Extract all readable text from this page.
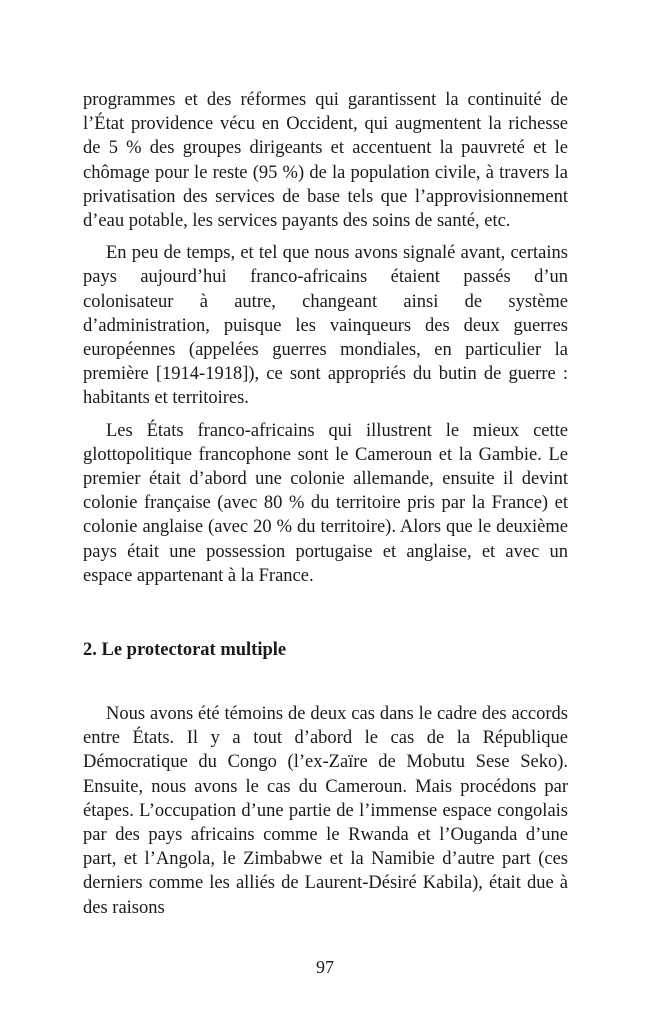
programmes et des réformes qui garantissent la continuité de l’État providence vécu en Occident, qui augmentent la richesse de 5 % des groupes dirigeants et accentuent la pauvreté et le chômage pour le reste (95 %) de la population civile, à travers la privatisation des services de base tels que l’approvisionnement d’eau potable, les services payants des soins de santé, etc.

En peu de temps, et tel que nous avons signalé avant, certains pays aujourd’hui franco-africains étaient passés d’un colonisateur à autre, changeant ainsi de système d’administration, puisque les vainqueurs des deux guerres européennes (appelées guerres mondiales, en particulier la première [1914-1918]), ce sont appropriés du butin de guerre : habitants et territoires.

Les États franco-africains qui illustrent le mieux cette glottopolitique francophone sont le Cameroun et la Gambie. Le premier était d’abord une colonie allemande, ensuite il devint colonie française (avec 80 % du territoire pris par la France) et colonie anglaise (avec 20 % du territoire). Alors que le deuxième pays était une possession portugaise et anglaise, et avec un espace appartenant à la France.

2. Le protectorat multiple

Nous avons été témoins de deux cas dans le cadre des accords entre États. Il y a tout d’abord le cas de la République Démocratique du Congo (l’ex-Zaïre de Mobutu Sese Seko). Ensuite, nous avons le cas du Cameroun. Mais procédons par étapes. L’occupation d’une partie de l’immense espace congolais par des pays africains comme le Rwanda et l’Ouganda d’une part, et l’Angola, le Zimbabwe et la Namibie d’autre part (ces derniers comme les alliés de Laurent-Désiré Kabila), était due à des raisons

97
